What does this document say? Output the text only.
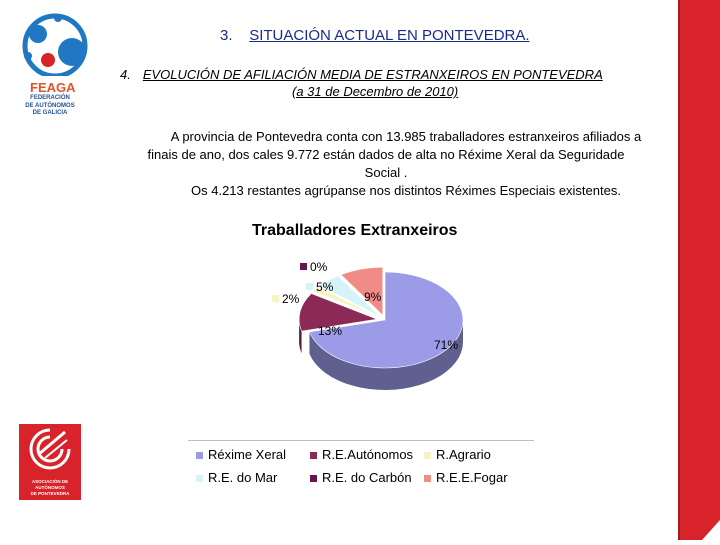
FEAGA
FEDERACIÓN
DE AUTÓNOMOS
DE GALICIA
ASOCIACIÓN DE
AUTÓNOMOS
DE PONTEVEDRA
3. SITUACIÓN ACTUAL EN PONTEVEDRA.
4. EVOLUCIÓN DE AFILIACIÓN MEDIA DE ESTRANXEIROS EN PONTEVEDRA
(a 31 de Decembro de 2010)
A provincia de Pontevedra conta con 13.985 traballadores estranxeiros afiliados a
finais de ano, dos cales 9.772 están dados de alta no Réxime Xeral da Seguridade
Social .
Os 4.213 restantes agrúpanse nos distintos Réximes Especiais existentes.
Traballadores Extranxeiros
71%
13%
2%
5%
0%
9%
Réxime Xeral	R.E.Autónomos	R.Agrario
R.E. do Mar	R.E. do Carbón	R.E.E.Fogar
